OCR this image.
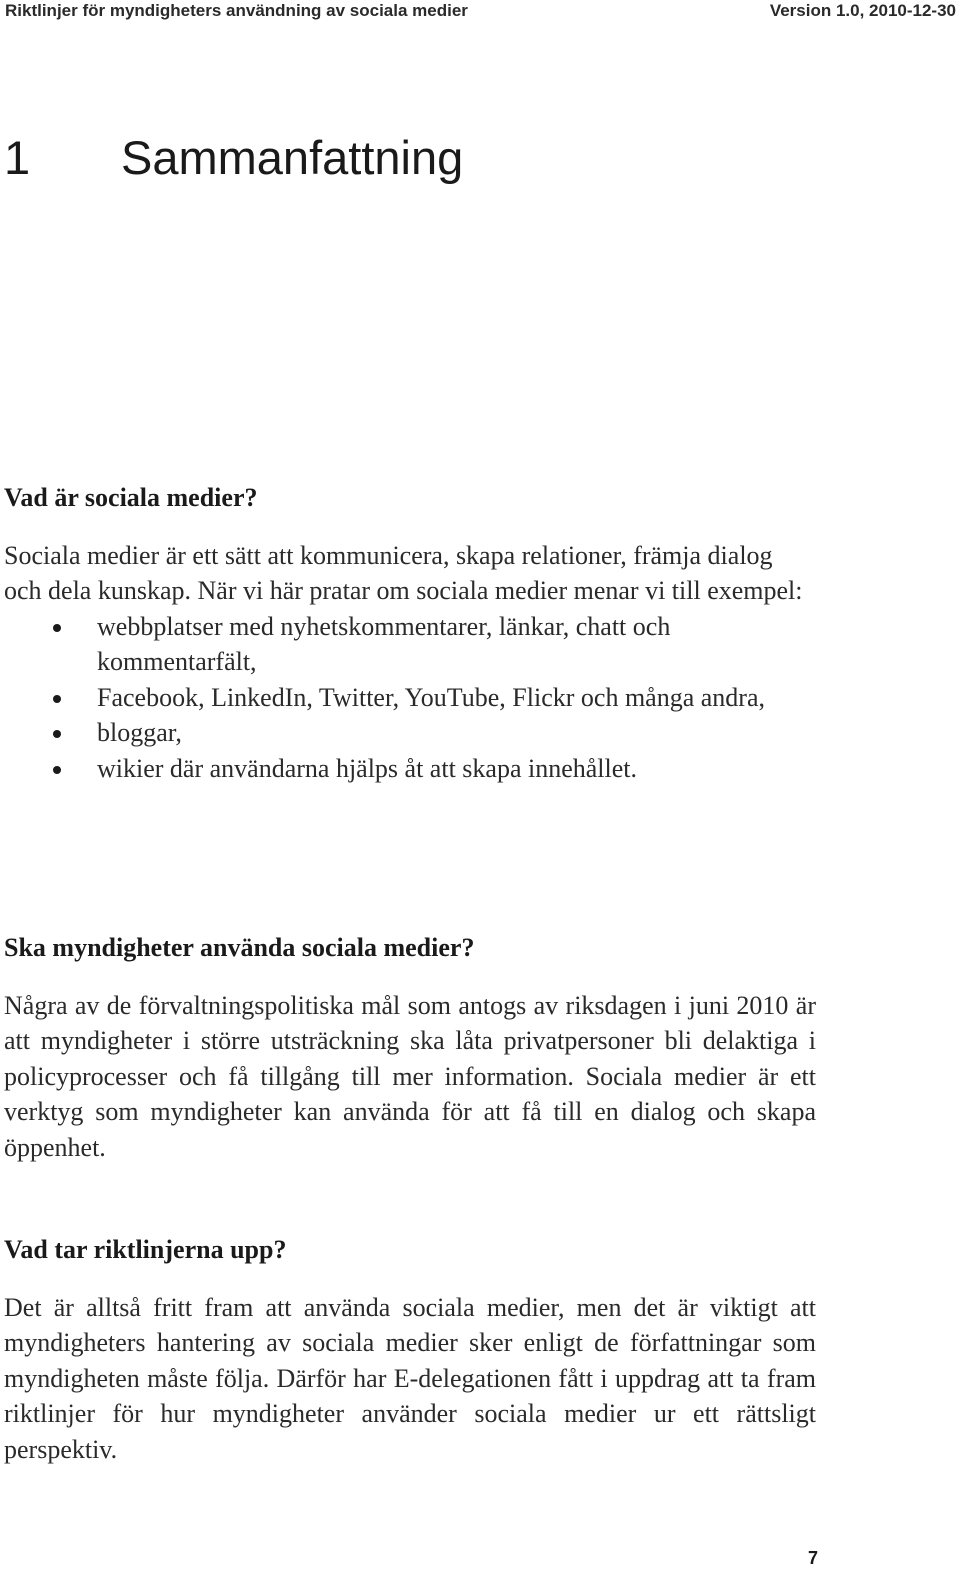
Riktlinjer för myndigheters användning av sociala medier	Version 1.0, 2010-12-30
1 Sammanfattning

Vad är sociala medier?

Sociala medier är ett sätt att kommunicera, skapa relationer, främja dialog och dela kunskap. När vi här pratar om sociala medier menar vi till exempel:

webbplatser med nyhetskommentarer, länkar, chatt och kommentarfält,
Facebook, LinkedIn, Twitter, YouTube, Flickr och många andra,
bloggar,
wikier där användarna hjälps åt att skapa innehållet.

Ska myndigheter använda sociala medier?

Några av de förvaltningspolitiska mål som antogs av riksdagen i juni 2010 är att myndigheter i större utsträckning ska låta privatpersoner bli delaktiga i policyprocesser och få tillgång till mer information. Sociala medier är ett verktyg som myndigheter kan använda för att få till en dialog och skapa öppenhet.

Vad tar riktlinjerna upp?

Det är alltså fritt fram att använda sociala medier, men det är viktigt att myndigheters hantering av sociala medier sker enligt de författningar som myndigheten måste följa. Därför har E-delegationen fått i uppdrag att ta fram riktlinjer för hur myndigheter använder sociala medier ur ett rättsligt perspektiv.

7
